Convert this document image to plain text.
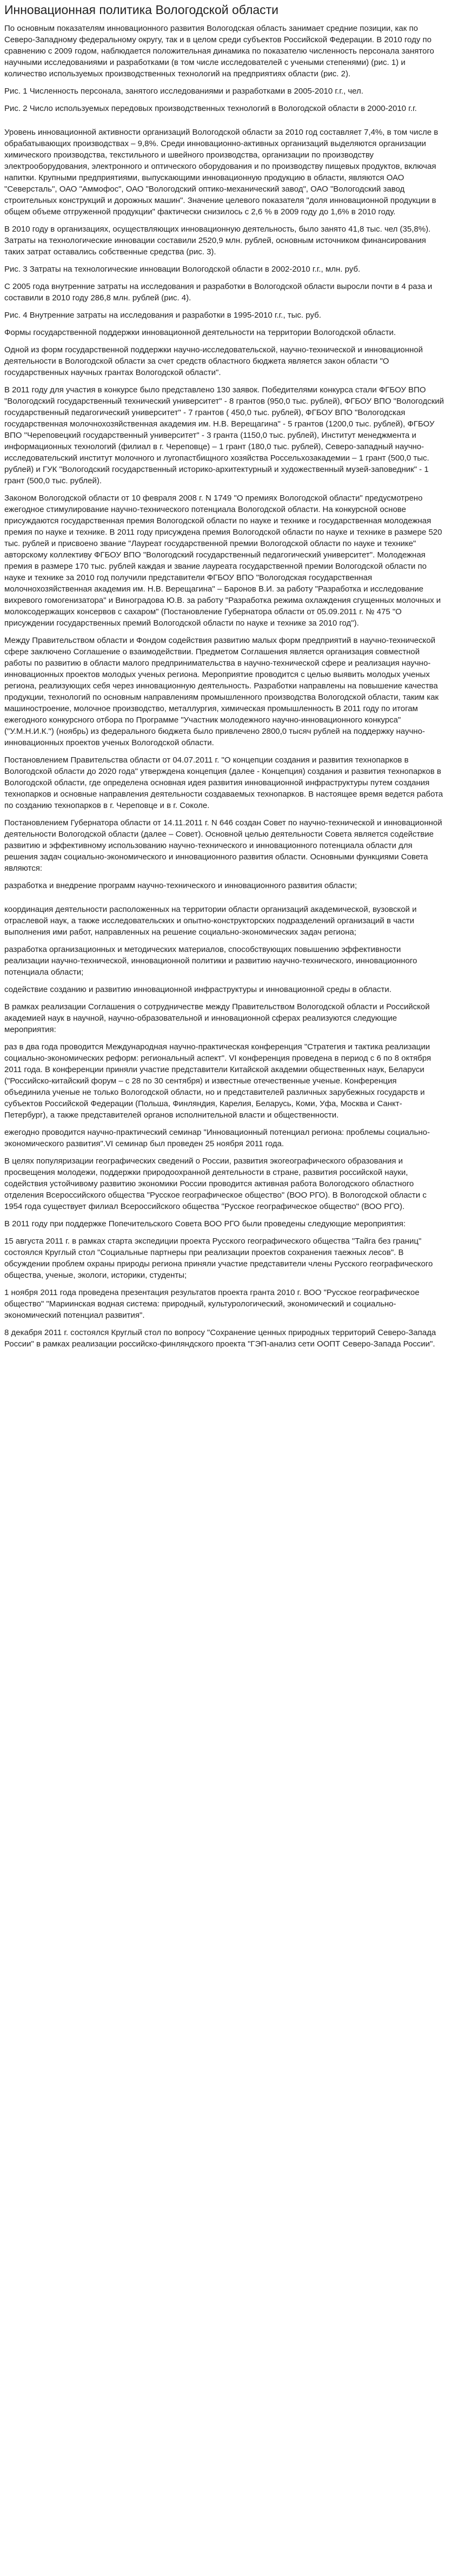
Инновационная политика Вологодской области

По основным показателям инновационного развития Вологодская область занимает средние позиции, как по Северо-Западному федеральному округу, так и в целом среди субъектов Российской Федерации. В 2010 году по сравнению с 2009 годом, наблюдается положительная динамика по показателю численность персонала занятого научными исследованиями и разработками (в том числе исследователей с учеными степенями) (рис. 1) и количество используемых производственных технологий на предприятиях области (рис. 2).

Рис. 1 Численность персонала, занятого исследованиями и разработками в 2005-2010 г.г., чел.

Рис. 2 Число используемых передовых производственных технологий в Вологодской области в 2000-2010 г.г.

Уровень инновационной активности организаций Вологодской области за 2010 год составляет 7,4%, в том числе в обрабатывающих производствах – 9,8%. Среди инновационно-активных организаций выделяются организации химического производства, текстильного и швейного производства, организации по производству электрооборудования, электронного и оптического оборудования и по производству пищевых продуктов, включая напитки. Крупными предприятиями, выпускающими инновационную продукцию в области, являются ОАО "Северсталь", ОАО "Аммофос", ОАО "Вологодский оптико-механический завод", ОАО "Вологодский завод строительных конструкций и дорожных машин". Значение целевого показателя "доля инновационной продукции в общем объеме отгруженной продукции" фактически снизилось с 2,6 % в 2009 году до 1,6% в 2010 году.

В 2010 году в организациях, осуществляющих инновационную деятельность, было занято 41,8 тыс. чел (35,8%). Затраты на технологические инновации составили 2520,9 млн. рублей, основным источником финансирования таких затрат оставались собственные средства (рис. 3).

Рис. 3 Затраты на технологические инновации Вологодской области в 2002-2010 г.г., млн. руб.

С 2005 года внутренние затраты на исследования и разработки в Вологодской области выросли почти в 4 раза и составили в 2010 году 286,8 млн. рублей (рис. 4).

Рис. 4 Внутренние затраты на исследования и разработки в 1995-2010 г.г., тыс. руб.

Формы государственной поддержки инновационной деятельности на территории Вологодской области.

Одной из форм государственной поддержки научно-исследовательской, научно-технической и инновационной деятельности в Вологодской области за счет средств областного бюджета является закон области "О государственных научных грантах Вологодской области".

В 2011 году для участия в конкурсе было представлено 130 заявок. Победителями конкурса стали ФГБОУ ВПО "Вологодский государственный технический университет" - 8 грантов (950,0 тыс. рублей), ФГБОУ ВПО "Вологодский государственный педагогический университет" - 7 грантов ( 450,0 тыс. рублей), ФГБОУ ВПО "Вологодская государственная молочнохозяйственная академия им. Н.В. Верещагина" - 5 грантов (1200,0 тыс. рублей), ФГБОУ ВПО "Череповецкий государственный университет" - 3 гранта (1150,0 тыс. рублей), Институт менеджмента и информационных технологий (филиал в г. Череповце) – 1 грант (180,0 тыс. рублей), Северо-западный научно-исследовательский институт молочного и лугопастбищного хозяйства Россельхозакадемии – 1 грант (500,0 тыс. рублей) и ГУК "Вологодский государственный историко-архитектурный и художественный музей-заповедник" - 1 грант (500,0 тыс. рублей).

Законом Вологодской области от 10 февраля 2008 г. N 1749 "О премиях Вологодской области" предусмотрено ежегодное стимулирование научно-технического потенциала Вологодской области. На конкурсной основе присуждаются государственная премия Вологодской области по науке и технике и государственная молодежная премия по науке и технике. В 2011 году присуждена премия Вологодской области по науке и технике в размере 520 тыс. рублей и присвоено звание "Лауреат государственной премии Вологодской области по науке и технике" авторскому коллективу ФГБОУ ВПО "Вологодский государственный педагогический университет". Молодежная премия в размере 170 тыс. рублей каждая и звание лауреата государственной премии Вологодской области по науке и технике за 2010 год получили представители ФГБОУ ВПО "Вологодская государственная молочнохозяйственная академия им. Н.В. Верещагина" – Баронов В.И. за работу "Разработка и исследование вихревого гомогенизатора" и Виноградова Ю.В. за работу "Разработка режима охлаждения сгущенных молочных и молоксодержащих консервов с сахаром" (Постановление Губернатора области от 05.09.2011 г. № 475 "О присуждении государственных премий Вологодской области по науке и технике за 2010 год").

Между Правительством области и Фондом содействия развитию малых форм предприятий в научно-технической сфере заключено Соглашение о взаимодействии. Предметом Соглашения является организация совместной работы по развитию в области малого предпринимательства в научно-технической сфере и реализация научно-инновационных проектов молодых ученых региона. Мероприятие проводится с целью выявить молодых ученых региона, реализующих себя через инновационную деятельность. Разработки направлены на повышение качества продукции, технологий по основным направлениям промышленного производства Вологодской области, таким как машиностроение, молочное производство, металлургия, химическая промышленность В 2011 году по итогам ежегодного конкурсного отбора по Программе "Участник молодежного научно-инновационного конкурса" ("У.М.Н.И.К.") (ноябрь) из федерального бюджета было привлечено 2800,0 тысяч рублей на поддержку научно-инновационных проектов ученых Вологодской области.

Постановлением Правительства области от 04.07.2011 г. "О концепции создания и развития технопарков в Вологодской области до 2020 года" утверждена концепция (далее - Концепция) создания и развития технопарков в Вологодской области, где определена основная идея развития инновационной инфраструктуры путем создания технопарков и основные направления деятельности создаваемых технопарков. В настоящее время ведется работа по созданию технопарков в г. Череповце и в г. Соколе.

Постановлением Губернатора области от 14.11.2011 г. N 646 создан Совет по научно-технической и инновационной деятельности Вологодской области (далее – Совет). Основной целью деятельности Совета является содействие развитию и эффективному использованию научно-технического и инновационного потенциала области для решения задач социально-экономического и инновационного развития области. Основными функциями Совета являются:

разработка и внедрение программ научно-технического и инновационного развития области;

координация деятельности расположенных на территории области организаций академической, вузовской и отраслевой наук, а также исследовательских и опытно-конструкторских подразделений организаций в части выполнения ими работ, направленных на решение социально-экономических задач региона;

разработка организационных и методических материалов, способствующих повышению эффективности реализации научно-технической, инновационной политики и развитию научно-технического, инновационного потенциала области;

содействие созданию и развитию инновационной инфраструктуры и инновационной среды в области.

В рамках реализации Соглашения о сотрудничестве между Правительством Вологодской области и Российской академией наук в научной, научно-образовательной и инновационной сферах реализуются следующие мероприятия:

раз в два года проводится Международная научно-практическая конференция "Стратегия и тактика реализации социально-экономических реформ: региональный аспект". VI конференция проведена в период с 6 по 8 октября 2011 года. В конференции приняли участие представители Китайской академии общественных наук, Беларуси ("Российско-китайский форум – с 28 по 30 сентября) и известные отечественные ученые. Конференция объединила ученые не только Вологодской области, но и представителей различных зарубежных государств и субъектов Российской Федерации (Польша, Финляндия, Карелия, Беларусь, Коми, Уфа, Москва и Санкт-Петербург), а также представителей органов исполнительной власти и общественности.

ежегодно проводится научно-практический семинар "Инновационный потенциал региона: проблемы социально-экономического развития".VI семинар был проведен 25 ноября 2011 года.

В целях популяризации географических сведений о России, развития экогеографического образования и просвещения молодежи, поддержки природоохранной деятельности в стране, развития российской науки, содействия устойчивому развитию экономики России проводится активная работа Вологодского областного отделения Всероссийского общества "Русское географическое общество" (ВОО РГО). В Вологодской области с 1954 года существует филиал Всероссийского общества "Русское географическое общество" (ВОО РГО).

В 2011 году при поддержке Попечительского Совета ВОО РГО были проведены следующие мероприятия:

15 августа 2011 г. в рамках старта экспедиции проекта Русского географического общества "Тайга без границ" состоялся Круглый стол "Социальные партнеры при реализации проектов сохранения таежных лесов". В обсуждении проблем охраны природы региона приняли участие представители члены Русского географического общества, ученые, экологи, историки, студенты;

1 ноября 2011 года проведена презентация результатов проекта гранта 2010 г. ВОО "Русское географическое общество" "Мариинская водная система: природный, культурологический, экономический и социально-экономический потенциал развития".

8 декабря 2011 г. состоялся Круглый стол по вопросу "Сохранение ценных природных территорий Северо-Запада России" в рамках реализации российско-финляндского проекта "ГЭП-анализ сети ООПТ Северо-Запада России".
